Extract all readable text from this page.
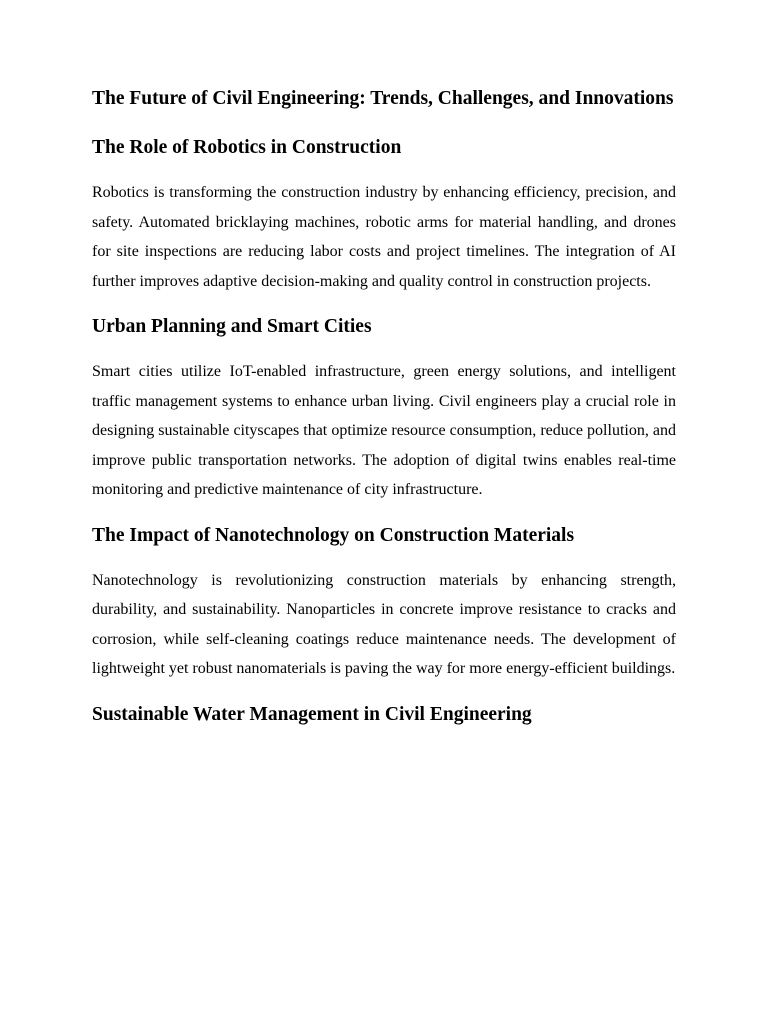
The Future of Civil Engineering: Trends, Challenges, and Innovations
The Role of Robotics in Construction

Robotics is transforming the construction industry by enhancing efficiency, precision, and safety. Automated bricklaying machines, robotic arms for material handling, and drones for site inspections are reducing labor costs and project timelines. The integration of AI further improves adaptive decision-making and quality control in construction projects.

Urban Planning and Smart Cities

Smart cities utilize IoT-enabled infrastructure, green energy solutions, and intelligent traffic management systems to enhance urban living. Civil engineers play a crucial role in designing sustainable cityscapes that optimize resource consumption, reduce pollution, and improve public transportation networks. The adoption of digital twins enables real-time monitoring and predictive maintenance of city infrastructure.

The Impact of Nanotechnology on Construction Materials

Nanotechnology is revolutionizing construction materials by enhancing strength, durability, and sustainability. Nanoparticles in concrete improve resistance to cracks and corrosion, while self-cleaning coatings reduce maintenance needs. The development of lightweight yet robust nanomaterials is paving the way for more energy-efficient buildings.

Sustainable Water Management in Civil Engineering
